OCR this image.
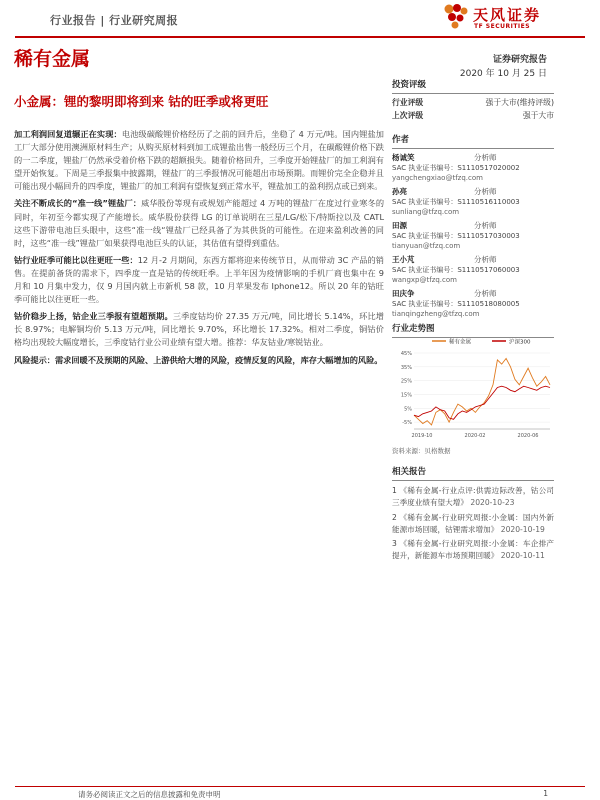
行业报告 | 行业研究周报	天风证券
TF SECURITIES
稀有金属	证券研究报告
2020 年 10 月 25 日
小金属：锂的黎明即将到来 钴的旺季或将更旺

加工利润回复道辗正在实现：电池级碳酸锂价格经历了之前的回升后，坐稳了 4 万元/吨。国内锂盐加工厂大部分使用澳洲原材料生产；从购买原材料到加工成锂盐出售一般经历三个月，在碳酸锂价格下跌的一二季度，锂盐厂仍然承受着价格下跌的超额损失。随着价格回升，三季度开始锂盐厂的加工利润有望开始恢复。下周是三季报集中披露期，锂盐厂的三季报情况可能超出市场预期。而锂价完全企稳并且可能出现小幅回升的四季度，锂盐厂的加工利润有望恢复到正常水平，锂盐加工的盈利拐点或已到来。

关注不断成长的“准一线”锂盐厂：威华股份等现有或规划产能超过 4 万吨的锂盐厂在度过行业寒冬的同时，年初至今都实现了产能增长。威华股份获得 LG 的订单说明在三星/LG/松下/特斯拉以及 CATL 这些下游带电池巨头眼中，这些“准一线“锂盐厂已经具备了为其供货的可能性。在迎来盈利改善的同时，这些“准一线”锂盐厂如果获得电池巨头的认证，其估值有望得到重估。

钴行业旺季可能比以往更旺一些：12 月-2 月期间，东西方都将迎来传统节日，从而带动 3C 产品的销售。在提前备货的需求下，四季度一直是钴的传统旺季。上半年因为疫情影响的手机厂商也集中在 9 月和 10 月集中发力，仅 9 月国内就上市新机 58 款，10 月苹果发布 Iphone12。所以 20 年的钴旺季可能比以往更旺一些。

钴价稳步上扬，钴企业三季报有望超预期。三季度钴均价 27.35 万元/吨，同比增长 5.14%，环比增长 8.97%；电解铜均价 5.13 万元/吨，同比增长 9.70%，环比增长 17.32%。相对二季度，铜钴价格均出现较大幅度增长，三季度钴行业公司业绩有望大增。推荐：华友钴业/寒锐钴业。

风险提示：需求回暖不及预期的风险、上游供给大增的风险，疫情反复的风险，库存大幅增加的风险。

投资评级
行业评级	强于大市(维持评级)
上次评级	强于大市
作者
杨诚笑	分析师
SAC 执业证书编号：S1110517020002
yangchengxiao@tfzq.com
孙亮	分析师
SAC 执业证书编号：S1110516110003
sunliang@tfzq.com
田源	分析师
SAC 执业证书编号：S1110517030003
tianyuan@tfzq.com
王小芃	分析师
SAC 执业证书编号：S1110517060003
wangxp@tfzq.com
田庆争	分析师
SAC 执业证书编号：S1110518080005
tianqingzheng@tfzq.com
行业走势图
稀有金属	沪深300
45%
35%
25%
15%
5%
-5%
2019-10	2020-02	2020-06
资料来源：贝格数据
相关报告
1 《稀有金属-行业点评:供需边际改善，钴公司三季度业绩有望大增》 2020-10-23
2 《稀有金属-行业研究周报:小金属：国内外新能源市场回暖，钴锂需求增加》 2020-10-19
3 《稀有金属-行业研究周报:小金属：车企排产提升，新能源车市场预期回暖》 2020-10-11
请务必阅读正文之后的信息披露和免责申明	1
